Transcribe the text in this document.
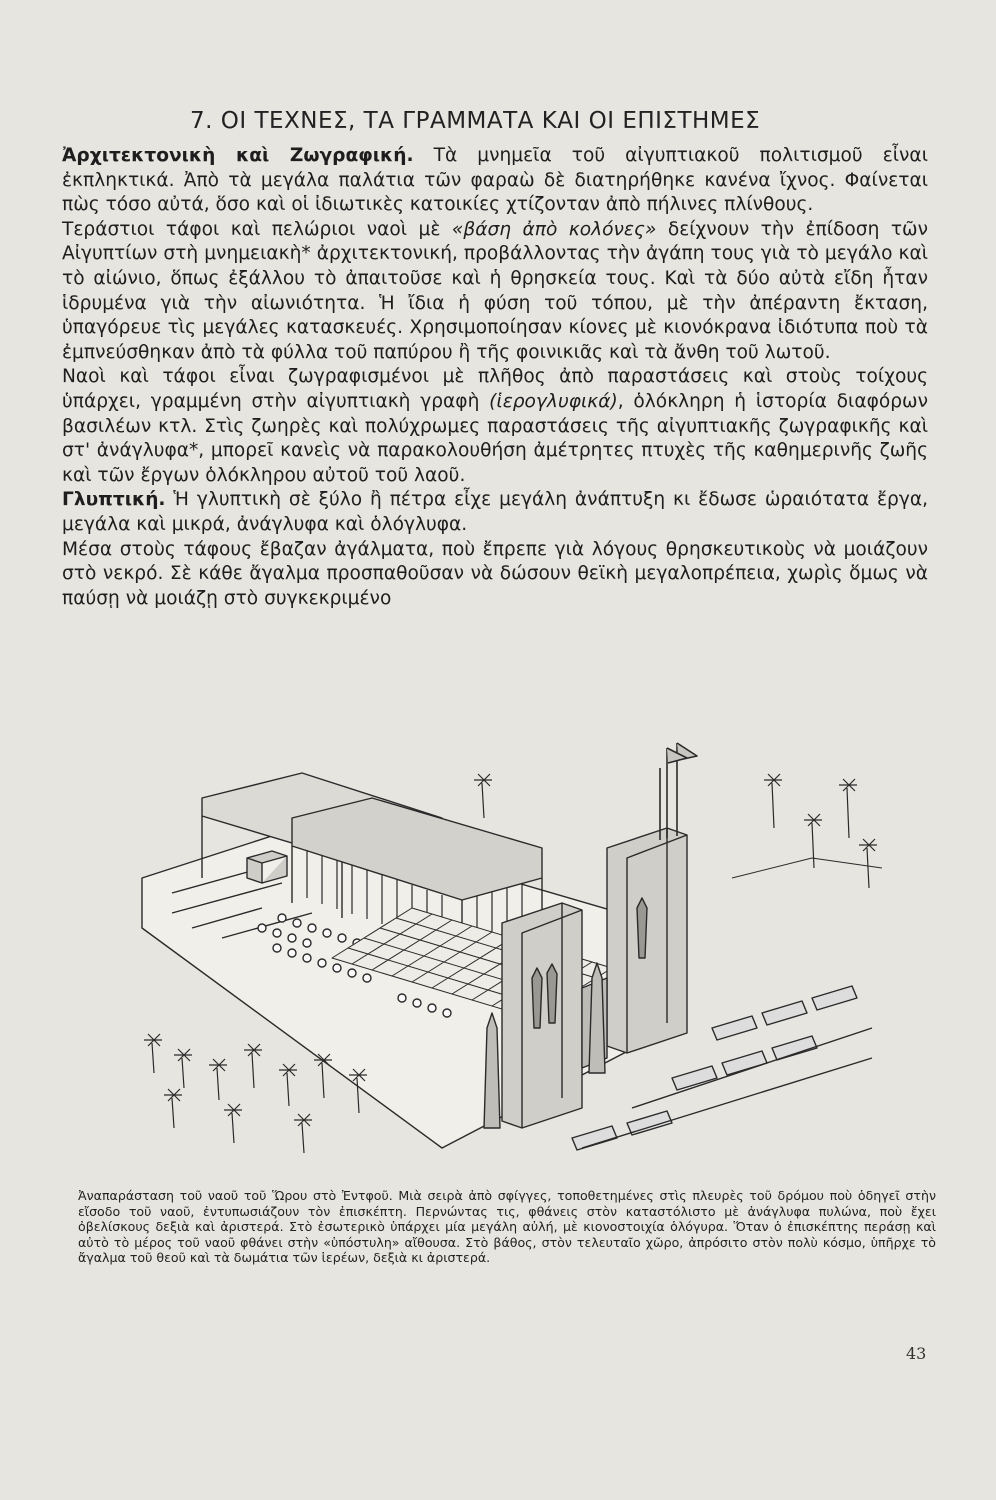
7. ΟΙ ΤΕΧΝΕΣ, ΤΑ ΓΡΑΜΜΑΤΑ ΚΑΙ ΟΙ ΕΠΙΣΤΗΜΕΣ

Ἀρχιτεκτονικὴ καὶ Ζωγραφική. Τὰ μνημεῖα τοῦ αἰγυπτιακοῦ πολιτισμοῦ εἶναι ἐκπληκτικά. Ἀπὸ τὰ μεγάλα παλάτια τῶν φαραὼ δὲ διατηρήθηκε κανένα ἴχνος. Φαίνεται πὼς τόσο αὐτά, ὅσο καὶ οἱ ἰδιωτικὲς κατοικίες χτίζονταν ἀπὸ πήλινες πλίνθους.

Τεράστιοι τάφοι καὶ πελώριοι ναοὶ μὲ «βάση ἀπὸ κολόνες» δείχνουν τὴν ἐπίδοση τῶν Αἰγυπτίων στὴ μνημειακὴ* ἀρχιτεκτονική, προβάλλοντας τὴν ἀγάπη τους γιὰ τὸ μεγάλο καὶ τὸ αἰώνιο, ὅπως ἐξάλλου τὸ ἀπαιτοῦσε καὶ ἡ θρησκεία τους. Καὶ τὰ δύο αὐτὰ εἴδη ἦταν ἱδρυμένα γιὰ τὴν αἰωνιότητα. Ἡ ἴδια ἡ φύση τοῦ τόπου, μὲ τὴν ἀπέραντη ἔκταση, ὑπαγόρευε τὶς μεγάλες κατασκευές. Χρησιμοποίησαν κίονες μὲ κιονόκρανα ἰδιότυπα ποὺ τὰ ἐμπνεύσθηκαν ἀπὸ τὰ φύλλα τοῦ παπύρου ἢ τῆς φοινικιᾶς καὶ τὰ ἄνθη τοῦ λωτοῦ.

Ναοὶ καὶ τάφοι εἶναι ζωγραφισμένοι μὲ πλῆθος ἀπὸ παραστάσεις καὶ στοὺς τοίχους ὑπάρχει, γραμμένη στὴν αἰγυπτιακὴ γραφὴ (ἱερογλυφικά), ὁλόκληρη ἡ ἱστορία διαφόρων βασιλέων κτλ. Στὶς ζωηρὲς καὶ πολύχρωμες παραστάσεις τῆς αἰγυπτιακῆς ζωγραφικῆς καὶ στ' ἀνάγλυφα*, μπορεῖ κανεὶς νὰ παρακολουθήση ἀμέτρητες πτυχὲς τῆς καθημερινῆς ζωῆς καὶ τῶν ἔργων ὁλόκληρου αὐτοῦ τοῦ λαοῦ.

Γλυπτική. Ἡ γλυπτικὴ σὲ ξύλο ἢ πέτρα εἶχε μεγάλη ἀνάπτυξη κι ἔδωσε ὡραιότατα ἔργα, μεγάλα καὶ μικρά, ἀνάγλυφα καὶ ὁλόγλυφα.

Μέσα στοὺς τάφους ἔβαζαν ἀγάλματα, ποὺ ἔπρεπε γιὰ λόγους θρησκευτικοὺς νὰ μοιάζουν στὸ νεκρό. Σὲ κάθε ἄγαλμα προσπαθοῦσαν νὰ δώσουν θεϊκὴ μεγαλοπρέπεια, χωρὶς ὅμως νὰ παύσῃ νὰ μοιάζῃ στὸ συγκεκριμένο

Ἀναπαράσταση τοῦ ναοῦ τοῦ Ὥρου στὸ Ἐντφοῦ. Μιὰ σειρὰ ἀπὸ σφίγγες, τοποθετημένες στὶς πλευρὲς τοῦ δρόμου ποὺ ὁδηγεῖ στὴν εἴσοδο τοῦ ναοῦ, ἐντυπωσιάζουν τὸν ἐπισκέπτη. Περνώντας τις, φθάνεις στὸν καταστόλιστο μὲ ἀνάγλυφα πυλώνα, ποὺ ἔχει ὀβελίσκους δεξιὰ καὶ ἀριστερά. Στὸ ἐσωτερικὸ ὑπάρχει μία μεγάλη αὐλή, μὲ κιονοστοιχία ὁλόγυρα. Ὅταν ὁ ἐπισκέπτης περάσῃ καὶ αὐτὸ τὸ μέρος τοῦ ναοῦ φθάνει στὴν «ὑπόστυλη» αἴθουσα. Στὸ βάθος, στὸν τελευταῖο χῶρο, ἀπρόσιτο στὸν πολὺ κόσμο, ὑπῆρχε τὸ ἄγαλμα τοῦ θεοῦ καὶ τὰ δωμάτια τῶν ἱερέων, δεξιὰ κι ἀριστερά.

43
